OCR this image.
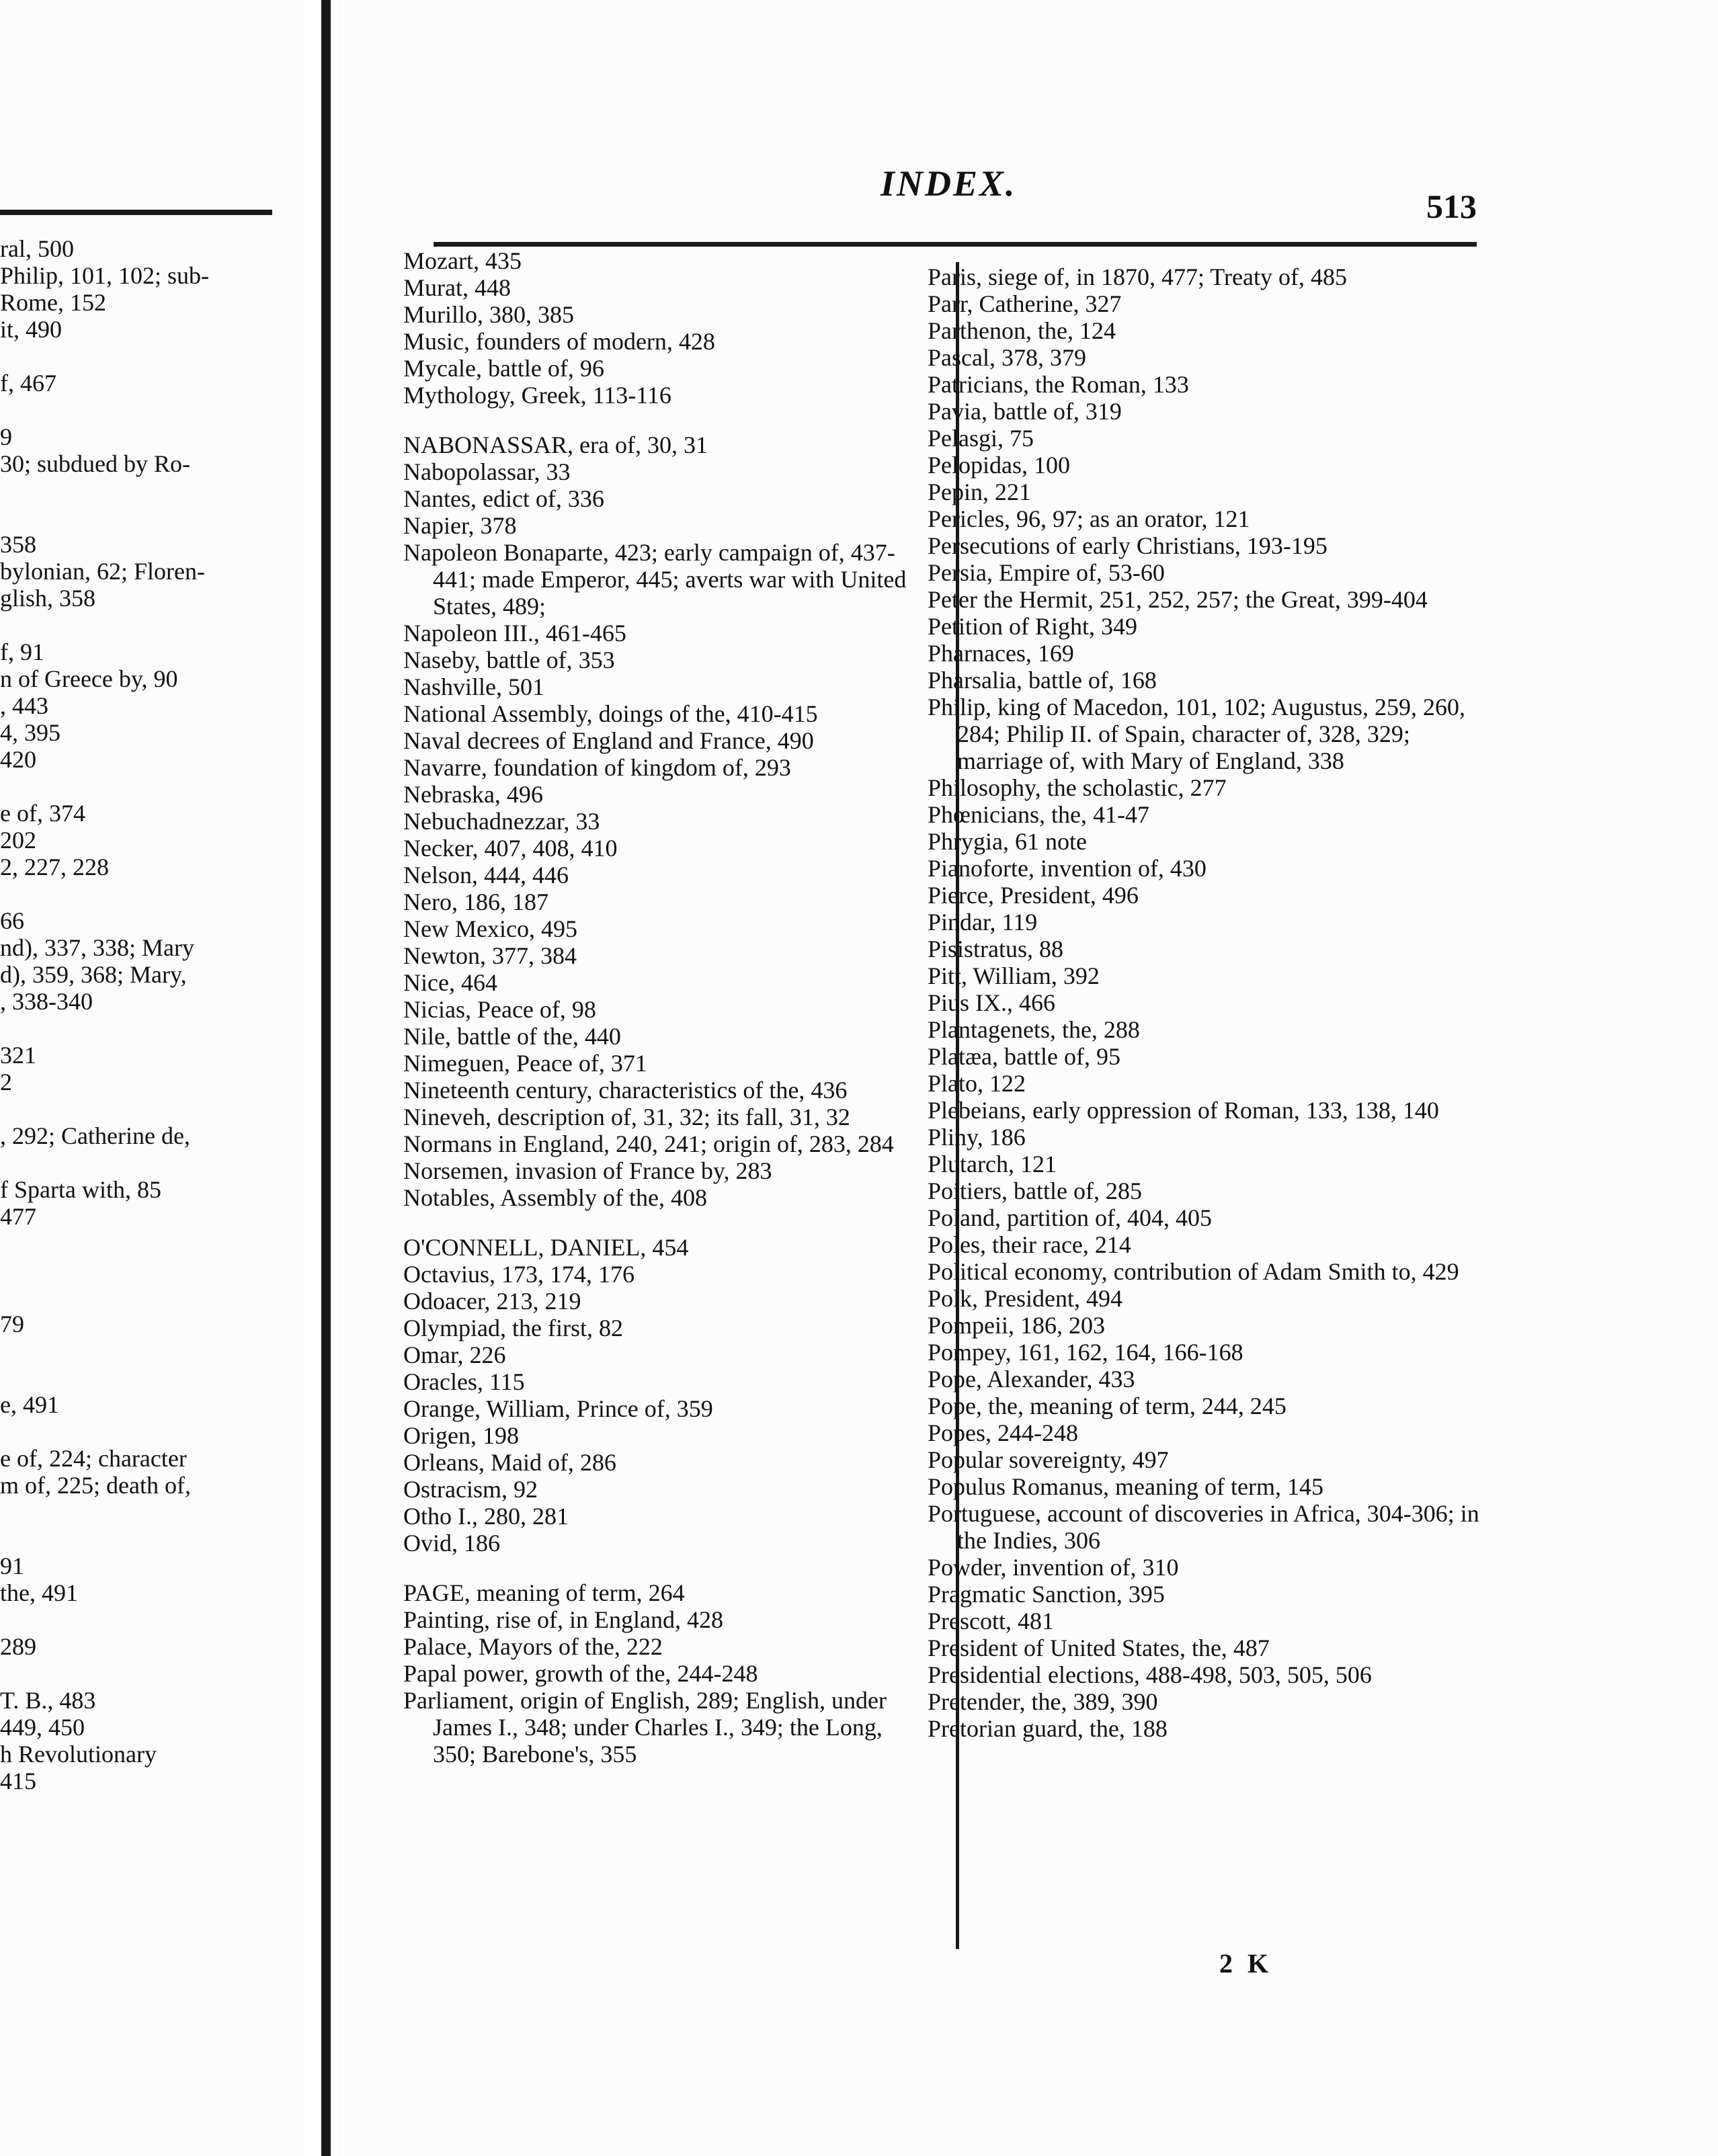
ral, 500
Philip, 101, 102; sub-
Rome, 152
it, 490
f, 467
9
30; subdued by Ro-
358
bylonian, 62; Floren-
glish, 358
f, 91
n of Greece by, 90
, 443
4, 395
420
e of, 374
202
2, 227, 228
66
nd), 337, 338; Mary
d), 359, 368; Mary,
, 338-340
321
2
, 292; Catherine de,
f Sparta with, 85
477
79
e, 491
e of, 224; character
m of, 225; death of,
91
the, 491
289
T. B., 483
449, 450
h Revolutionary
415
INDEX.
513

Mozart, 435

Murat, 448

Murillo, 380, 385

Music, founders of modern, 428

Mycale, battle of, 96

Mythology, Greek, 113-116

NABONASSAR, era of, 30, 31

Nabopolassar, 33

Nantes, edict of, 336

Napier, 378

Napoleon Bonaparte, 423; early campaign of, 437-441; made Emperor, 445; averts war with United States, 489;

Napoleon III., 461-465

Naseby, battle of, 353

Nashville, 501

National Assembly, doings of the, 410-415

Naval decrees of England and France, 490

Navarre, foundation of kingdom of, 293

Nebraska, 496

Nebuchadnezzar, 33

Necker, 407, 408, 410

Nelson, 444, 446

Nero, 186, 187

New Mexico, 495

Newton, 377, 384

Nice, 464

Nicias, Peace of, 98

Nile, battle of the, 440

Nimeguen, Peace of, 371

Nineteenth century, characteristics of the, 436

Nineveh, description of, 31, 32; its fall, 31, 32

Normans in England, 240, 241; origin of, 283, 284

Norsemen, invasion of France by, 283

Notables, Assembly of the, 408

O'CONNELL, DANIEL, 454

Octavius, 173, 174, 176

Odoacer, 213, 219

Olympiad, the first, 82

Omar, 226

Oracles, 115

Orange, William, Prince of, 359

Origen, 198

Orleans, Maid of, 286

Ostracism, 92

Otho I., 280, 281

Ovid, 186

PAGE, meaning of term, 264

Painting, rise of, in England, 428

Palace, Mayors of the, 222

Papal power, growth of the, 244-248

Parliament, origin of English, 289; English, under James I., 348; under Charles I., 349; the Long, 350; Barebone's, 355

Paris, siege of, in 1870, 477; Treaty of, 485

Parr, Catherine, 327

Parthenon, the, 124

Pascal, 378, 379

Patricians, the Roman, 133

Pavia, battle of, 319

Pelasgi, 75

Pelopidas, 100

Pepin, 221

Pericles, 96, 97; as an orator, 121

Persecutions of early Christians, 193-195

Persia, Empire of, 53-60

Peter the Hermit, 251, 252, 257; the Great, 399-404

Petition of Right, 349

Pharnaces, 169

Pharsalia, battle of, 168

Philip, king of Macedon, 101, 102; Augustus, 259, 260, 284; Philip II. of Spain, character of, 328, 329; marriage of, with Mary of England, 338

Philosophy, the scholastic, 277

Phœnicians, the, 41-47

Phrygia, 61 note

Pianoforte, invention of, 430

Pierce, President, 496

Pindar, 119

Pisistratus, 88

Pitt, William, 392

Pius IX., 466

Plantagenets, the, 288

Platæa, battle of, 95

Plato, 122

Plebeians, early oppression of Roman, 133, 138, 140

Pliny, 186

Plutarch, 121

Poitiers, battle of, 285

Poland, partition of, 404, 405

Poles, their race, 214

Political economy, contribution of Adam Smith to, 429

Polk, President, 494

Pompeii, 186, 203

Pompey, 161, 162, 164, 166-168

Pope, Alexander, 433

Pope, the, meaning of term, 244, 245

Popes, 244-248

Popular sovereignty, 497

Populus Romanus, meaning of term, 145

Portuguese, account of discoveries in Africa, 304-306; in the Indies, 306

Powder, invention of, 310

Pragmatic Sanction, 395

Prescott, 481

President of United States, the, 487

Presidential elections, 488-498, 503, 505, 506

Pretender, the, 389, 390

Pretorian guard, the, 188

2 K
